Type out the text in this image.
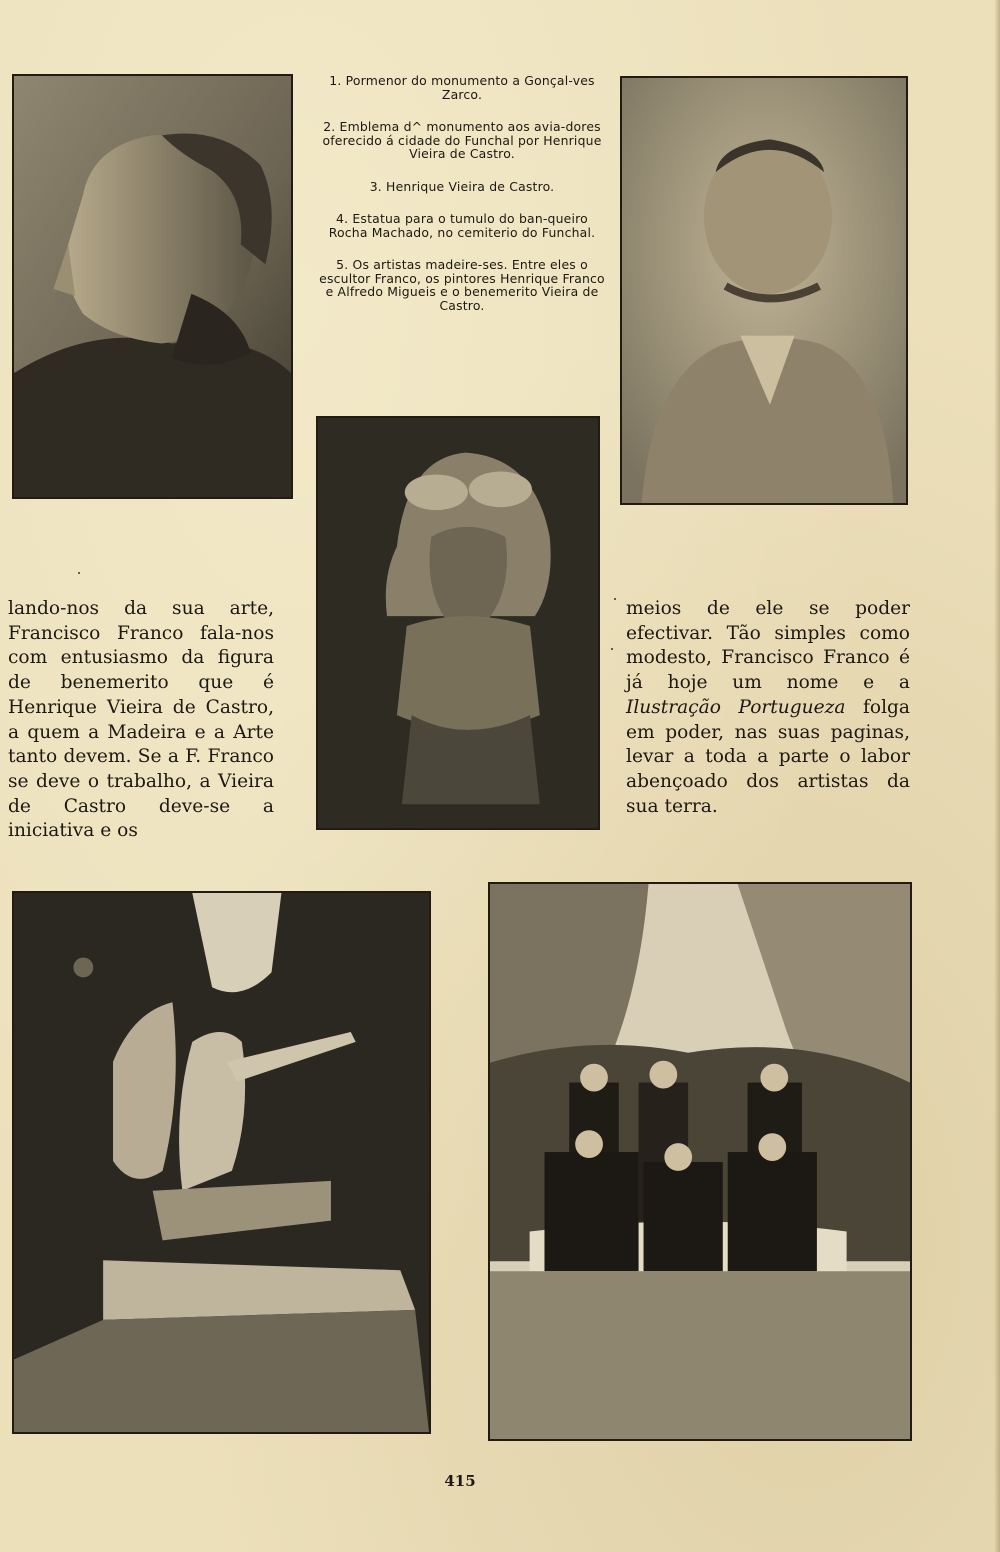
1. Pormenor do monumento a Gonçal-ves Zarco.

2. Emblema d^ monumento aos avia-dores oferecido á cidade do Funchal por Henrique Vieira de Castro.

3. Henrique Vieira de Castro.

4. Estatua para o tumulo do ban-queiro Rocha Machado, no cemiterio do Funchal.

5. Os artistas madeire-ses. Entre eles o escultor Franco, os pintores Henrique Franco e Alfredo Migueis e o benemerito Vieira de Castro.

lando-nos da sua arte, Francisco Franco fala-nos com entusiasmo da figura de benemerito que é Henrique Vieira de Castro, a quem a Madeira e a Arte tanto devem. Se a F. Franco se deve o trabalho, a Vieira de Castro deve-se a iniciativa e os

meios de ele se poder efectivar. Tão simples como modesto, Francisco Franco é já hoje um nome e a Ilustração Portugueza folga em poder, nas suas paginas, levar a toda a parte o labor abençoado dos artistas da sua terra.

415
